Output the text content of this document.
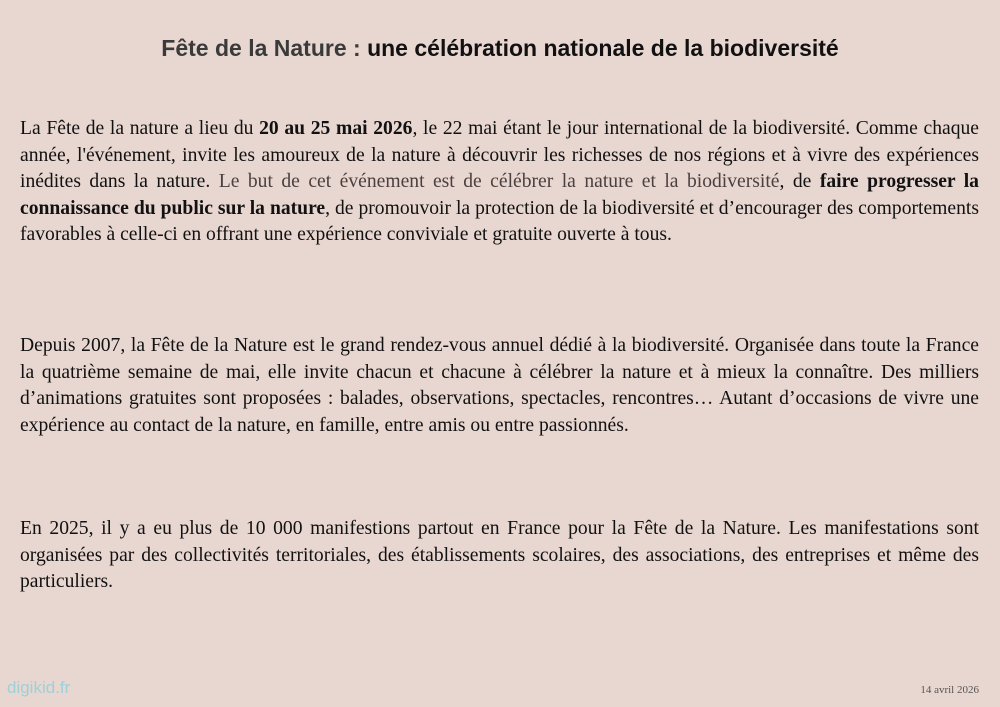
Fête de la Nature : une célébration nationale de la biodiversité

La Fête de la nature a lieu du 20 au 25 mai 2026, le 22 mai étant le jour international de la biodiversité. Comme chaque année, l'événement, invite les amoureux de la nature à découvrir les richesses de nos régions et à vivre des expériences inédites dans la nature. Le but de cet événement est de célébrer la nature et la biodiversité, de faire progresser la connaissance du public sur la nature, de promouvoir la protection de la biodiversité et d’encourager des comportements favorables à celle-ci en offrant une expérience conviviale et gratuite ouverte à tous.

Depuis 2007, la Fête de la Nature est le grand rendez-vous annuel dédié à la biodiversité. Organisée dans toute la France la quatrième semaine de mai, elle invite chacun et chacune à célébrer la nature et à mieux la connaître. Des milliers d’animations gratuites sont proposées : balades, observations, spectacles, rencontres… Autant d’occasions de vivre une expérience au contact de la nature, en famille, entre amis ou entre passionnés.

En 2025, il y a eu plus de 10 000 manifestions partout en France pour la Fête de la Nature. Les manifestations sont organisées par des collectivités territoriales, des établissements scolaires, des associations, des entreprises et même des particuliers.

digikid.fr	14 avril 2026
